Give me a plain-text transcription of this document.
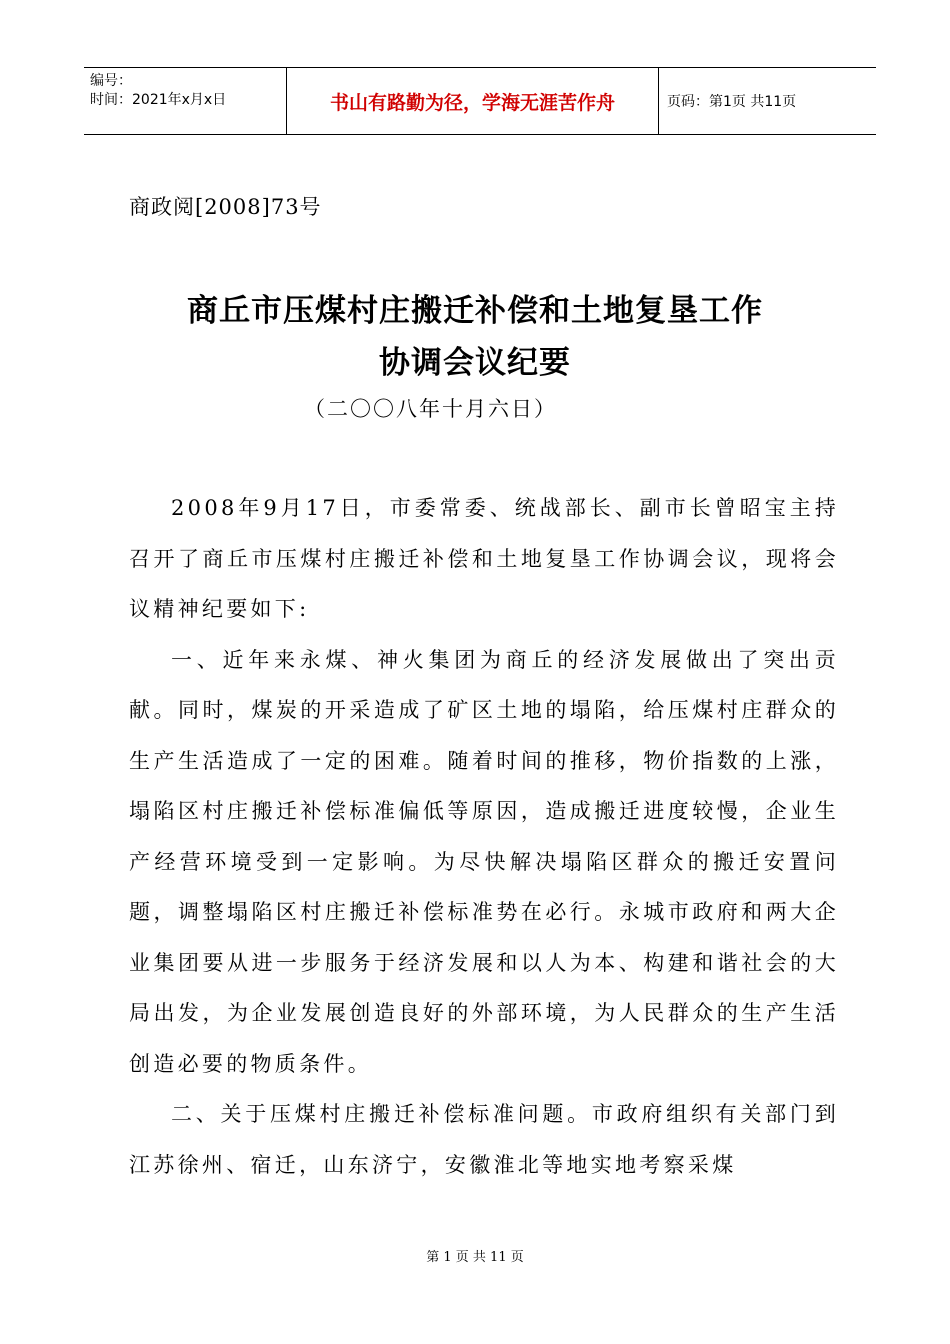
编号：
时间：2021年x月x日	书山有路勤为径，学海无涯苦作舟	页码：第1页 共11页
商政阅[2008]73号
商丘市压煤村庄搬迁补偿和土地复垦工作
协调会议纪要
（二〇〇八年十月六日）

2008年9月17日，市委常委、统战部长、副市长曾昭宝主持召开了商丘市压煤村庄搬迁补偿和土地复垦工作协调会议，现将会议精神纪要如下:

一、近年来永煤、神火集团为商丘的经济发展做出了突出贡献。同时，煤炭的开采造成了矿区土地的塌陷，给压煤村庄群众的生产生活造成了一定的困难。随着时间的推移，物价指数的上涨，塌陷区村庄搬迁补偿标准偏低等原因，造成搬迁进度较慢，企业生产经营环境受到一定影响。为尽快解决塌陷区群众的搬迁安置问题，调整塌陷区村庄搬迁补偿标准势在必行。永城市政府和两大企业集团要从进一步服务于经济发展和以人为本、构建和谐社会的大局出发，为企业发展创造良好的外部环境，为人民群众的生产生活创造必要的物质条件。

二、关于压煤村庄搬迁补偿标准问题。市政府组织有关部门到江苏徐州、宿迁，山东济宁，安徽淮北等地实地考察采煤

第 1 页 共 11 页
